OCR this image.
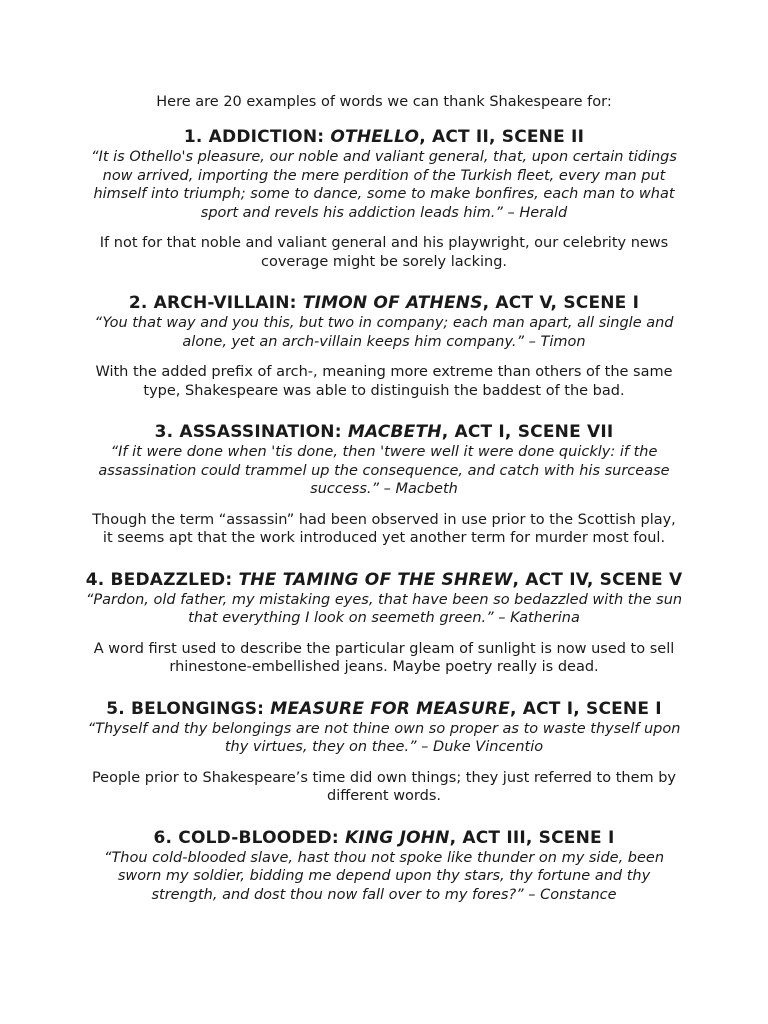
Here are 20 examples of words we can thank Shakespeare for:

1. ADDICTION: OTHELLO, ACT II, SCENE II

“It is Othello's pleasure, our noble and valiant general, that, upon certain tidings now arrived, importing the mere perdition of the Turkish fleet, every man put himself into triumph; some to dance, some to make bonfires, each man to what sport and revels his addiction leads him.” – Herald

If not for that noble and valiant general and his playwright, our celebrity news coverage might be sorely lacking.

2. ARCH-VILLAIN: TIMON OF ATHENS, ACT V, SCENE I

“You that way and you this, but two in company; each man apart, all single and alone, yet an arch-villain keeps him company.” – Timon

With the added prefix of arch-, meaning more extreme than others of the same type, Shakespeare was able to distinguish the baddest of the bad.

3. ASSASSINATION: MACBETH, ACT I, SCENE VII

“If it were done when 'tis done, then 'twere well it were done quickly: if the assassination could trammel up the consequence, and catch with his surcease success.” – Macbeth

Though the term “assassin” had been observed in use prior to the Scottish play, it seems apt that the work introduced yet another term for murder most foul.

4. BEDAZZLED: THE TAMING OF THE SHREW, ACT IV, SCENE V

“Pardon, old father, my mistaking eyes, that have been so bedazzled with the sun that everything I look on seemeth green.” – Katherina

A word first used to describe the particular gleam of sunlight is now used to sell rhinestone-embellished jeans. Maybe poetry really is dead.

5. BELONGINGS: MEASURE FOR MEASURE, ACT I, SCENE I

“Thyself and thy belongings are not thine own so proper as to waste thyself upon thy virtues, they on thee.” – Duke Vincentio

People prior to Shakespeare’s time did own things; they just referred to them by different words.

6. COLD-BLOODED: KING JOHN, ACT III, SCENE I

“Thou cold-blooded slave, hast thou not spoke like thunder on my side, been sworn my soldier, bidding me depend upon thy stars, thy fortune and thy strength, and dost thou now fall over to my fores?” – Constance
